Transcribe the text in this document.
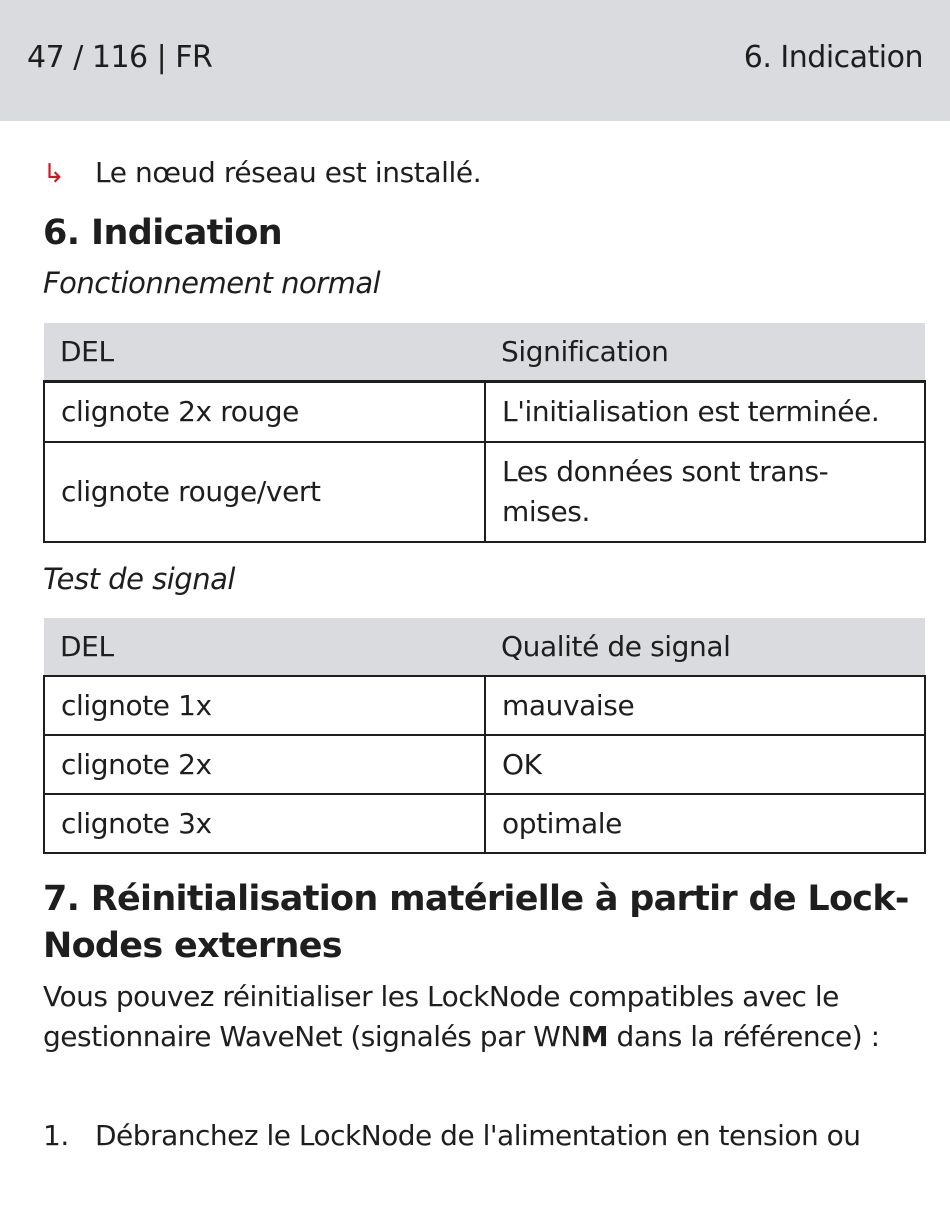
47 / 116 | FR	6. Indication
↳ Le nœud réseau est installé.
6. Indication
Fonctionnement normal
DEL	Signification
clignote 2x rouge	L'initialisation est terminée.
clignote rouge/vert	Les données sont trans-mises.
Test de signal
DEL	Qualité de signal
clignote 1x	mauvaise
clignote 2x	OK
clignote 3x	optimale
7. Réinitialisation matérielle à partir de Lock-
Nodes externes

Vous pouvez réinitialiser les LockNode compatibles avec le gestionnaire WaveNet (signalés par WNM dans la référence) :

1. Débranchez le LockNode de l'alimentation en tension ou
